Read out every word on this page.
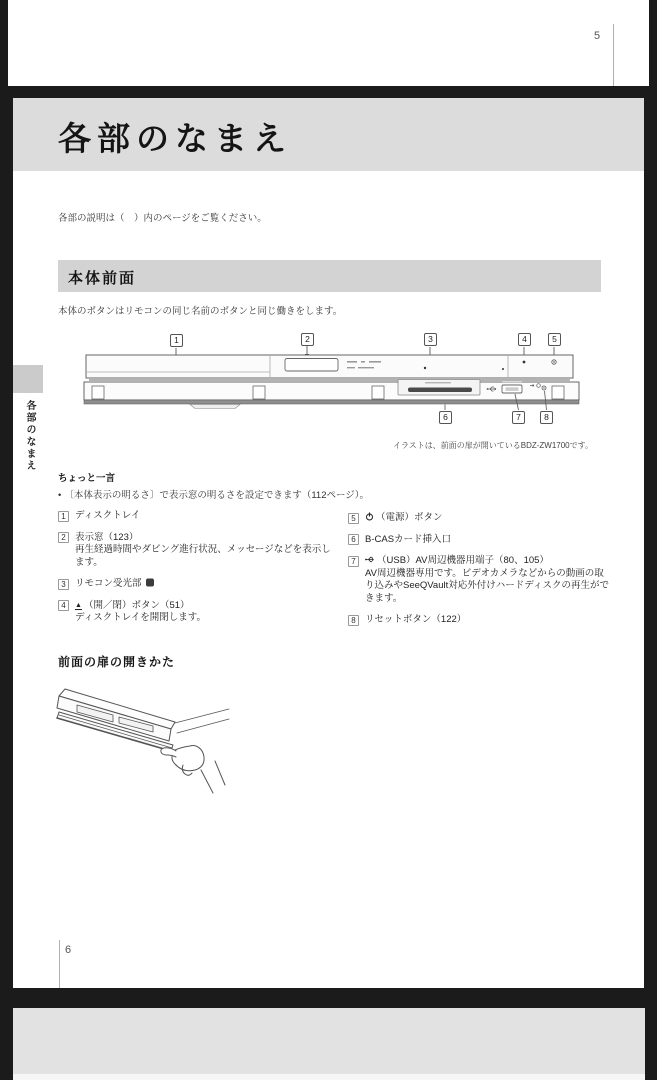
5
各部のなまえ
各部の説明は（　）内のページをご覧ください。
本体前面
本体のボタンはリモコンの同じ名前のボタンと同じ働きをします。
1	2	3	4	5
6	7	8
イラストは、前面の扉が開いているBDZ-ZW1700です。
ちょっと一言
• 〔本体表示の明るさ〕で表示窓の明るさを設定できます（112ページ）。
1 ディスクトレイ
2 表示窓（123）
再生経過時間やダビング進行状況、メッセージなどを表示します。
3 リモコン受光部
4	▲ （開／閉）ボタン（51）
ディスクトレイを開閉します。
5	（電源）ボタン
6 B-CASカード挿入口
7	（USB）AV周辺機器用端子（80、105）
AV周辺機器専用です。ビデオカメラなどからの動画の取り込みやSeeQVault対応外付けハードディスクの再生ができます。
8 リセットボタン（122）
前面の扉の開きかた
6
各部のなまえ
